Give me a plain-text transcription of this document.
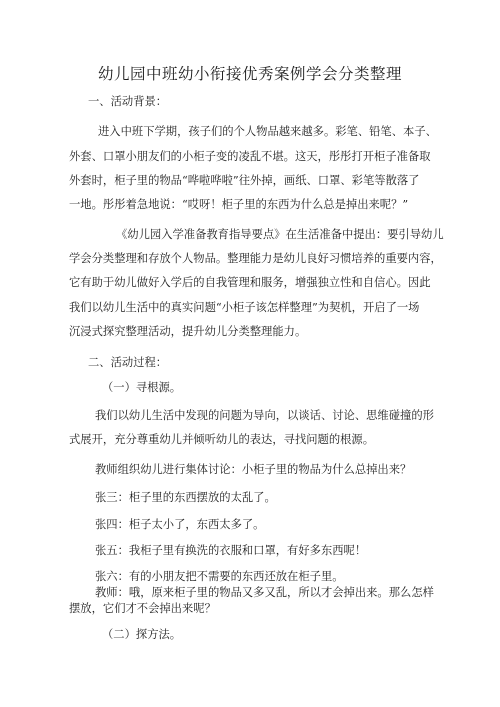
幼儿园中班幼小衔接优秀案例学会分类整理
一、活动背景：
进入中班下学期，孩子们的个人物品越来越多。彩笔、铅笔、本子、
外套、口罩小朋友们的小柜子变的凌乱不堪。这天，彤彤打开柜子准备取
外套时，柜子里的物品“哗啦哗啦”往外掉，画纸、口罩、彩笔等散落了
一地。彤彤着急地说：“哎呀！柜子里的东西为什么总是掉出来呢？”
《幼儿园入学准备教育指导要点》在生活准备中提出：要引导幼儿
学会分类整理和存放个人物品。整理能力是幼儿良好习惯培养的重要内容，
它有助于幼儿做好入学后的自我管理和服务，增强独立性和自信心。因此
我们以幼儿生活中的真实问题“小柜子该怎样整理”为契机，开启了一场
沉浸式探究整理活动，提升幼儿分类整理能力。
二、活动过程：
（一）寻根源。
我们以幼儿生活中发现的问题为导向，以谈话、讨论、思维碰撞的形
式展开，充分尊重幼儿并倾听幼儿的表达，寻找问题的根源。
教师组织幼儿进行集体讨论：小柜子里的物品为什么总掉出来？
张三：柜子里的东西摆放的太乱了。
张四：柜子太小了，东西太多了。
张五：我柜子里有换洗的衣服和口罩，有好多东西呢！
张六：有的小朋友把不需要的东西还放在柜子里。
教师：哦，原来柜子里的物品又多又乱，所以才会掉出来。那么怎样
摆放，它们才不会掉出来呢？
（二）探方法。
